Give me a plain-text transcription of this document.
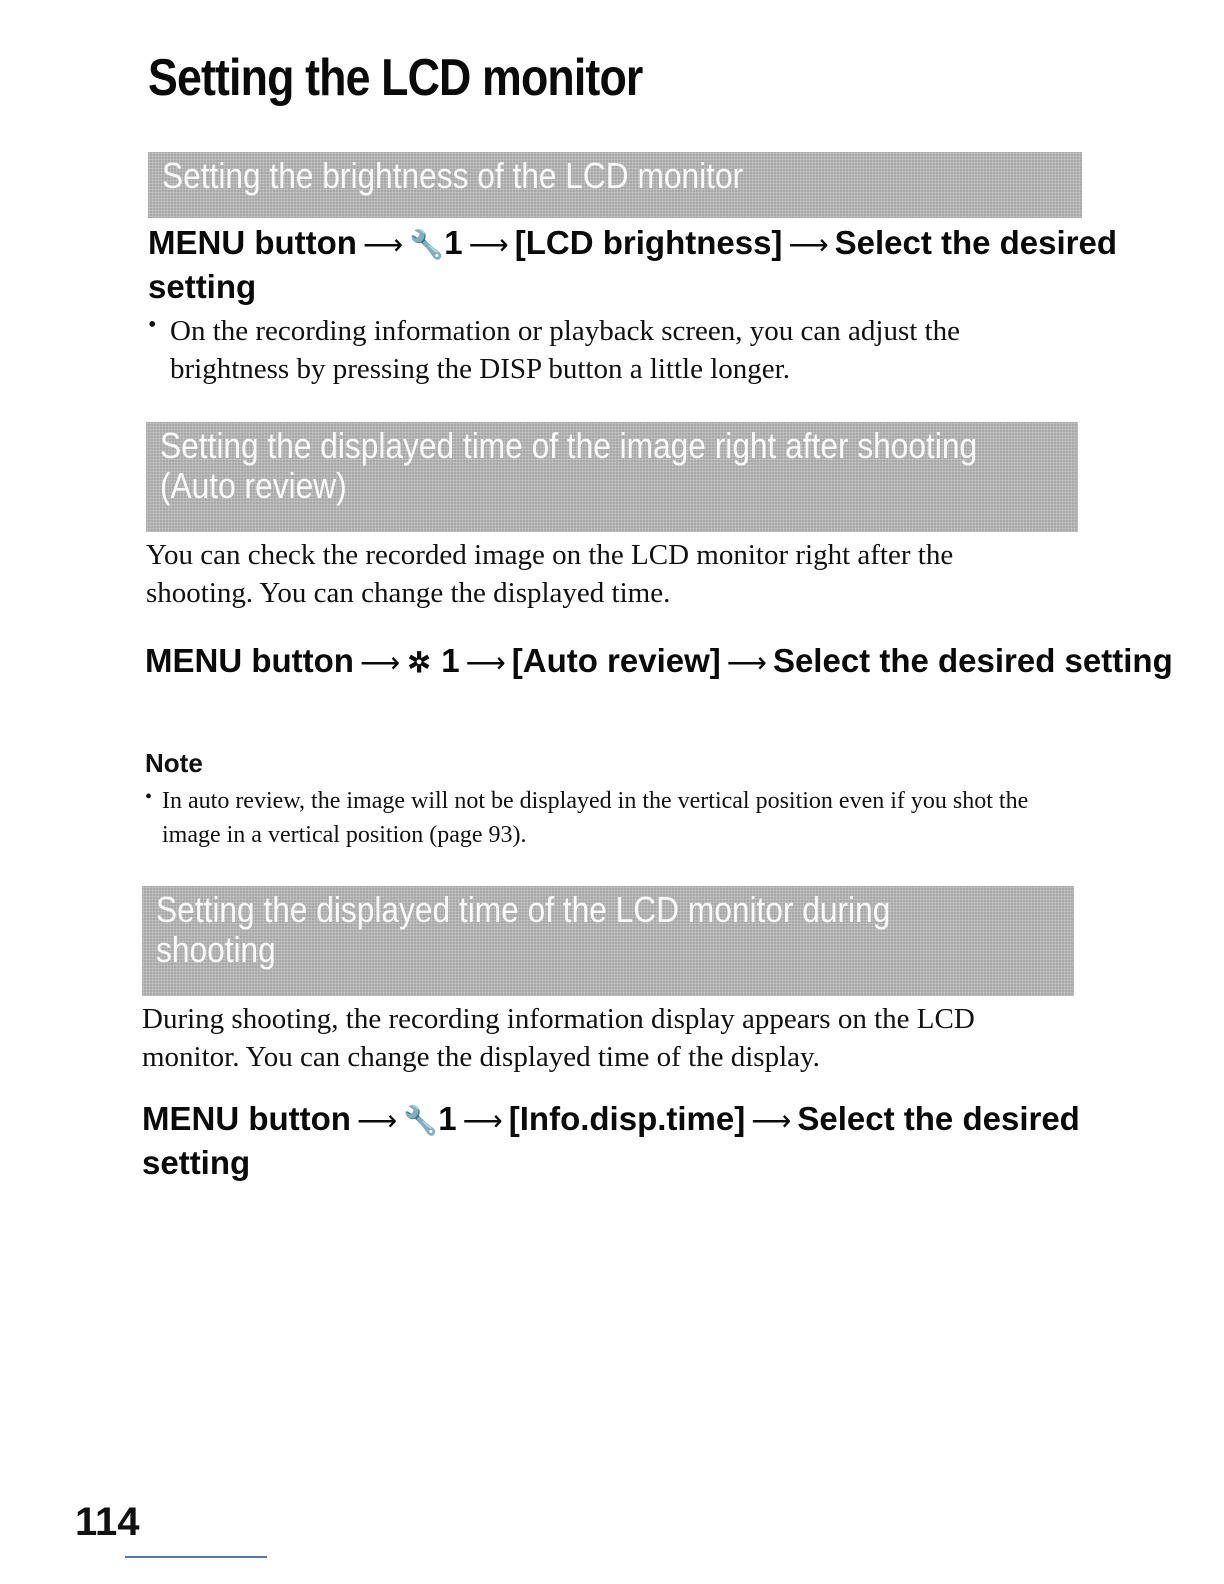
Setting the LCD monitor
Setting the brightness of the LCD monitor

MENU button ⟶ 🔧 1 ⟶ [LCD brightness] ⟶ Select the desired setting

• On the recording information or playback screen, you can adjust the brightness by pressing the DISP button a little longer.

Setting the displayed time of the image right after shooting
(Auto review)

You can check the recorded image on the LCD monitor right after the shooting. You can change the displayed time.

MENU button ⟶ ✲ 1 ⟶ [Auto review] ⟶ Select the desired setting

Note

• In auto review, the image will not be displayed in the vertical position even if you shot the image in a vertical position (page 93).

Setting the displayed time of the LCD monitor during
shooting

During shooting, the recording information display appears on the LCD monitor. You can change the displayed time of the display.

MENU button ⟶ 🔧 1 ⟶ [Info.disp.time] ⟶ Select the desired setting

114
